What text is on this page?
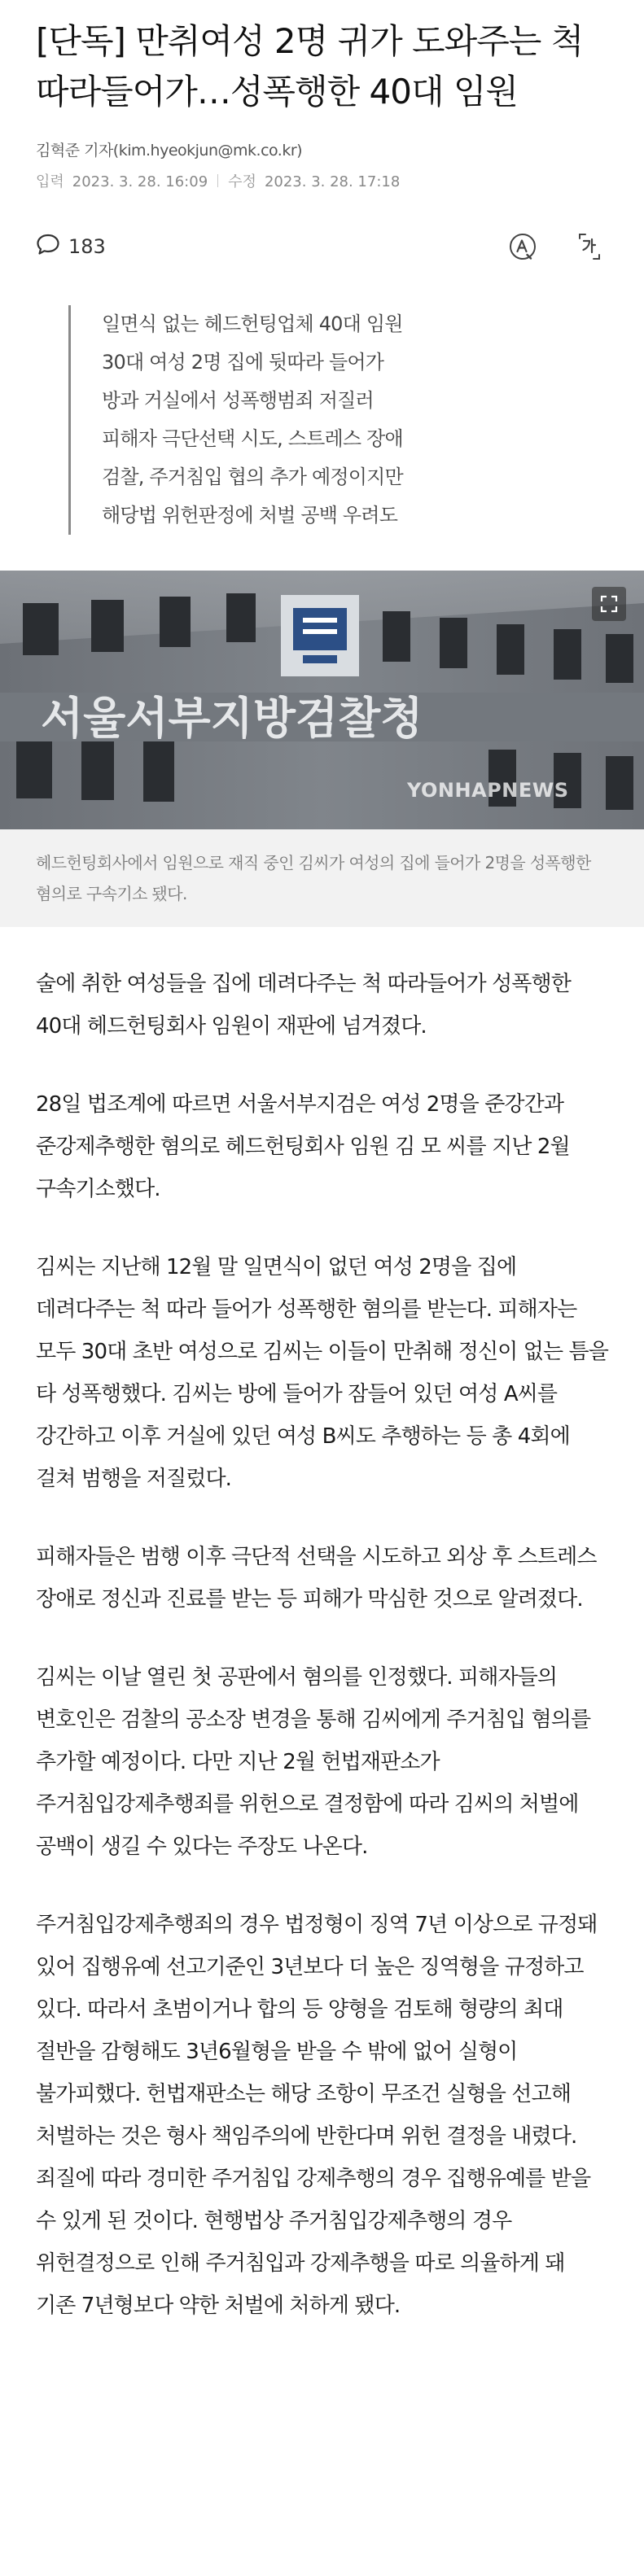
[단독] 만취여성 2명 귀가 도와주는 척 따라들어가…성폭행한 40대 임원
김혁준 기자(kim.hyeokjun@mk.co.kr)
입력 2023. 3. 28. 16:09 수정 2023. 3. 28. 17:18
183

일면식 없는 헤드헌팅업체 40대 임원

30대 여성 2명 집에 뒷따라 들어가

방과 거실에서 성폭행범죄 저질러

피해자 극단선택 시도, 스트레스 장애

검찰, 주거침입 협의 추가 예정이지만

해당법 위헌판정에 처벌 공백 우려도

서울서부지방검찰청
YONHAPNEWS
헤드헌팅회사에서 임원으로 재직 중인 김씨가 여성의 집에 들어가 2명을 성폭행한 혐의로 구속기소 됐다.

술에 취한 여성들을 집에 데려다주는 척 따라들어가 성폭행한 40대 헤드헌팅회사 임원이 재판에 넘겨졌다.

28일 법조계에 따르면 서울서부지검은 여성 2명을 준강간과 준강제추행한 혐의로 헤드헌팅회사 임원 김 모 씨를 지난 2월 구속기소했다.

김씨는 지난해 12월 말 일면식이 없던 여성 2명을 집에 데려다주는 척 따라 들어가 성폭행한 혐의를 받는다. 피해자는 모두 30대 초반 여성으로 김씨는 이들이 만취해 정신이 없는 틈을 타 성폭행했다. 김씨는 방에 들어가 잠들어 있던 여성 A씨를 강간하고 이후 거실에 있던 여성 B씨도 추행하는 등 총 4회에 걸쳐 범행을 저질렀다.

피해자들은 범행 이후 극단적 선택을 시도하고 외상 후 스트레스 장애로 정신과 진료를 받는 등 피해가 막심한 것으로 알려졌다.

김씨는 이날 열린 첫 공판에서 혐의를 인정했다. 피해자들의 변호인은 검찰의 공소장 변경을 통해 김씨에게 주거침입 혐의를 추가할 예정이다. 다만 지난 2월 헌법재판소가 주거침입강제추행죄를 위헌으로 결정함에 따라 김씨의 처벌에 공백이 생길 수 있다는 주장도 나온다.

주거침입강제추행죄의 경우 법정형이 징역 7년 이상으로 규정돼 있어 집행유예 선고기준인 3년보다 더 높은 징역형을 규정하고 있다. 따라서 초범이거나 합의 등 양형을 검토해 형량의 최대 절반을 감형해도 3년6월형을 받을 수 밖에 없어 실형이 불가피했다. 헌법재판소는 해당 조항이 무조건 실형을 선고해 처벌하는 것은 형사 책임주의에 반한다며 위헌 결정을 내렸다. 죄질에 따라 경미한 주거침입 강제추행의 경우 집행유예를 받을 수 있게 된 것이다. 현행법상 주거침입강제추행의 경우 위헌결정으로 인해 주거침입과 강제추행을 따로 의율하게 돼 기존 7년형보다 약한 처벌에 처하게 됐다.
